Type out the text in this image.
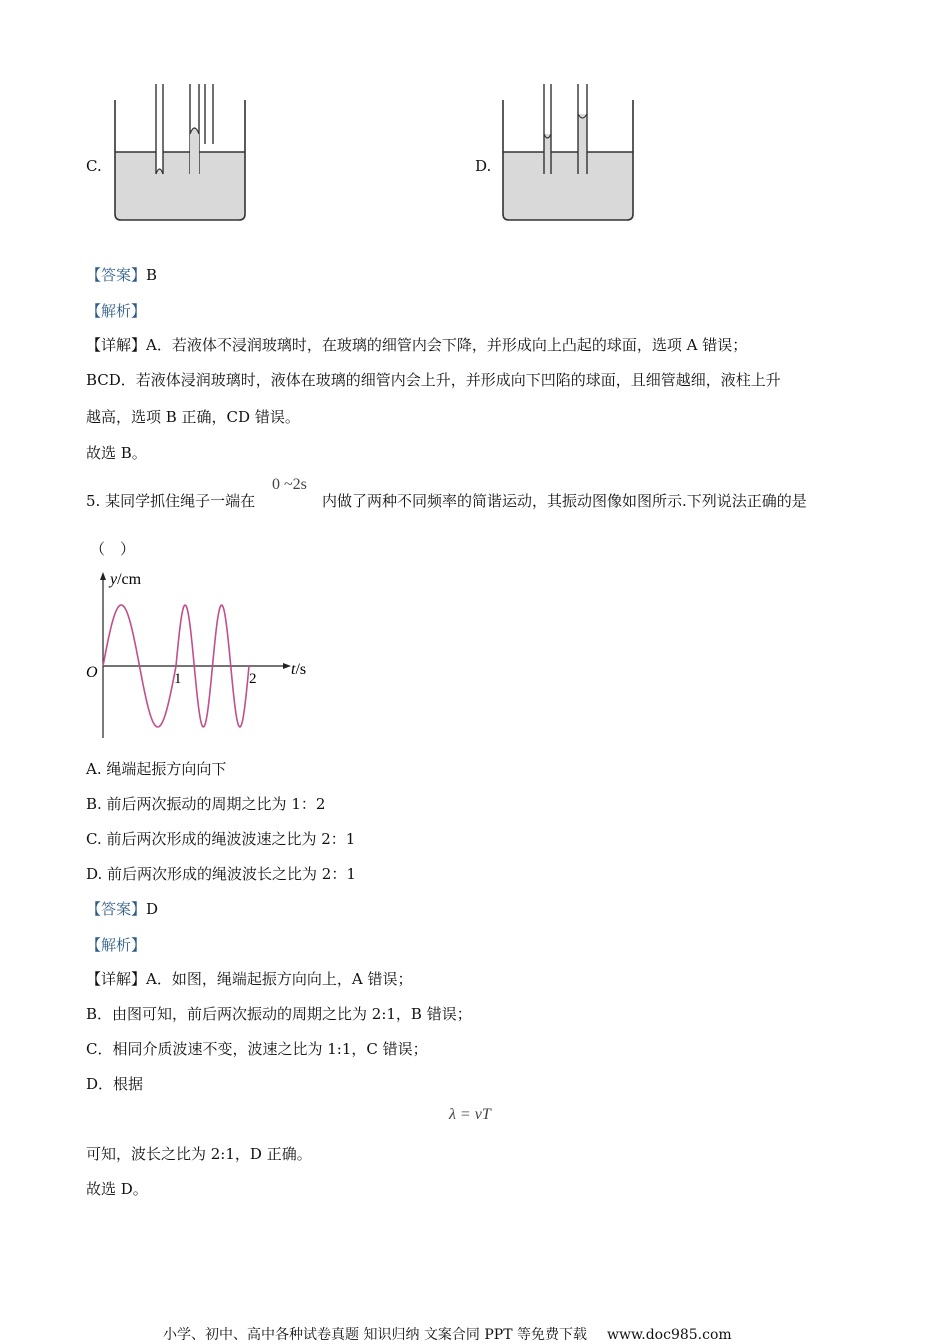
C.	D.
【答案】B
【解析】
【详解】A．若液体不浸润玻璃时，在玻璃的细管内会下降，并形成向上凸起的球面，选项 A 错误；
BCD．若液体浸润玻璃时，液体在玻璃的细管内会上升，并形成向下凹陷的球面，且细管越细，液柱上升
越高，选项 B 正确，CD 错误。
故选 B。
5. 某同学抓住绳子一端在
0 ~2s
内做了两种不同频率的简谐运动，其振动图像如图所示.下列说法正确的是
（　）
y/cm
t/s
O	1	2
A. 绳端起振方向向下
B. 前后两次振动的周期之比为 1：2
C. 前后两次形成的绳波波速之比为 2：1
D. 前后两次形成的绳波波长之比为 2：1
【答案】D
【解析】
【详解】A．如图，绳端起振方向向上，A 错误；
B．由图可知，前后两次振动的周期之比为 2:1，B 错误；
C．相同介质波速不变，波速之比为 1:1，C 错误；
D．根据
λ = vT
可知，波长之比为 2:1，D 正确。
故选 D。
小学、初中、高中各种试卷真题 知识归纳 文案合同 PPT 等免费下载 www.doc985.com
